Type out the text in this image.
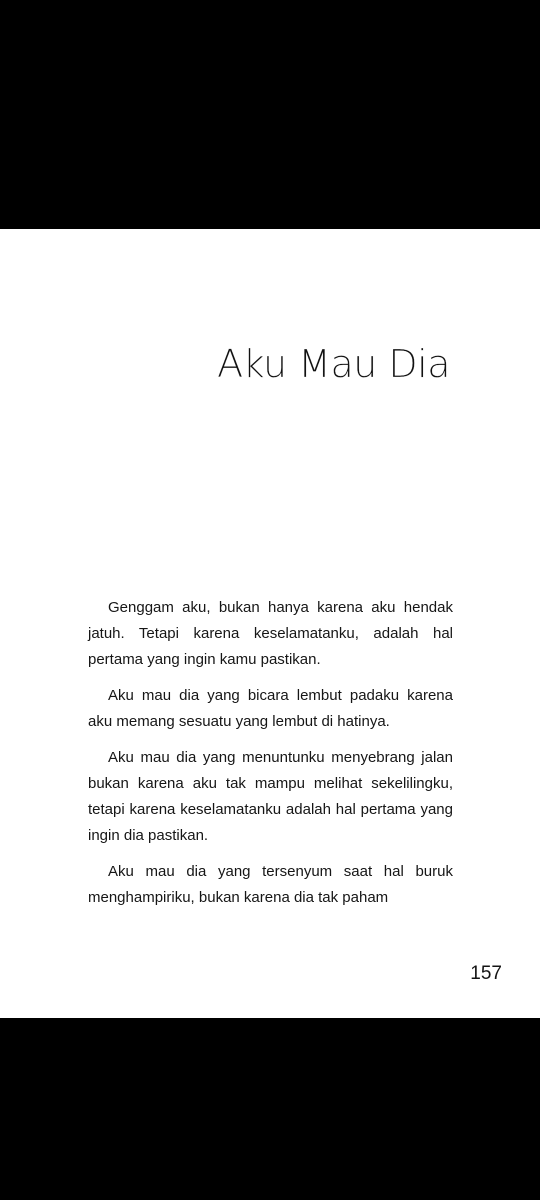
Aku Mau Dia

Genggam aku, bukan hanya karena aku hendak jatuh. Tetapi karena keselamatanku, adalah hal pertama yang ingin kamu pastikan.

Aku mau dia yang bicara lembut padaku karena aku memang sesuatu yang lembut di hatinya.

Aku mau dia yang menuntunku menyebrang jalan bukan karena aku tak mampu melihat sekelilingku, tetapi karena keselamatanku adalah hal pertama yang ingin dia pastikan.

Aku mau dia yang tersenyum saat hal buruk menghampiriku, bukan karena dia tak paham

157
